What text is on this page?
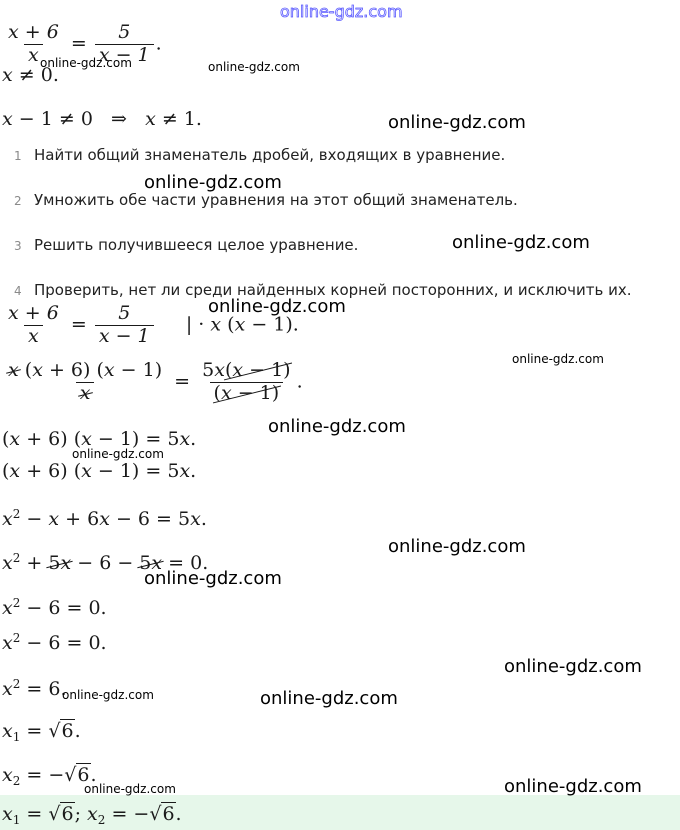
$\frac{x + 6}{x} = \frac{5}{x - 1}$ .
x ≠ 0.
x − 1 ≠ 0   ⇒   x ≠ 1.
1 Найти общий знаменатель дробей, входящих в уравнение.
2 Умножить обе части уравнения на этот общий знаменатель.
3 Решить получившееся целое уравнение.
4 Проверить, нет ли среди найденных корней посторонних, и исключить их.
$\frac{x + 6}{x} = \frac{5}{x - 1}$ | · x (x − 1).
$\frac{x (x + 6) (x - 1)}{x} = \frac{5x(x - 1)}{(x - 1)}$ .
(x + 6) (x − 1) = 5x.
(x + 6) (x − 1) = 5x.
$x^2 - x + 6x - 6 = 5x$.
$x^2 + 5x - 6 - 5x = 0$.
$x^2 - 6 = 0$.
$x^2 - 6 = 0$.
$x^2 = 6$.
$x_1 = √6$.
$x_2 = -√6$.
$x_1 = √6$; $x_2 = -√6$.
online-gdz.com
online-gdz.com	online-gdz.com
online-gdz.com
online-gdz.com
online-gdz.com
online-gdz.com
online-gdz.com
online-gdz.com
online-gdz.com
online-gdz.com
online-gdz.com
online-gdz.com
online-gdz.com	online-gdz.com
online-gdz.com	online-gdz.com
